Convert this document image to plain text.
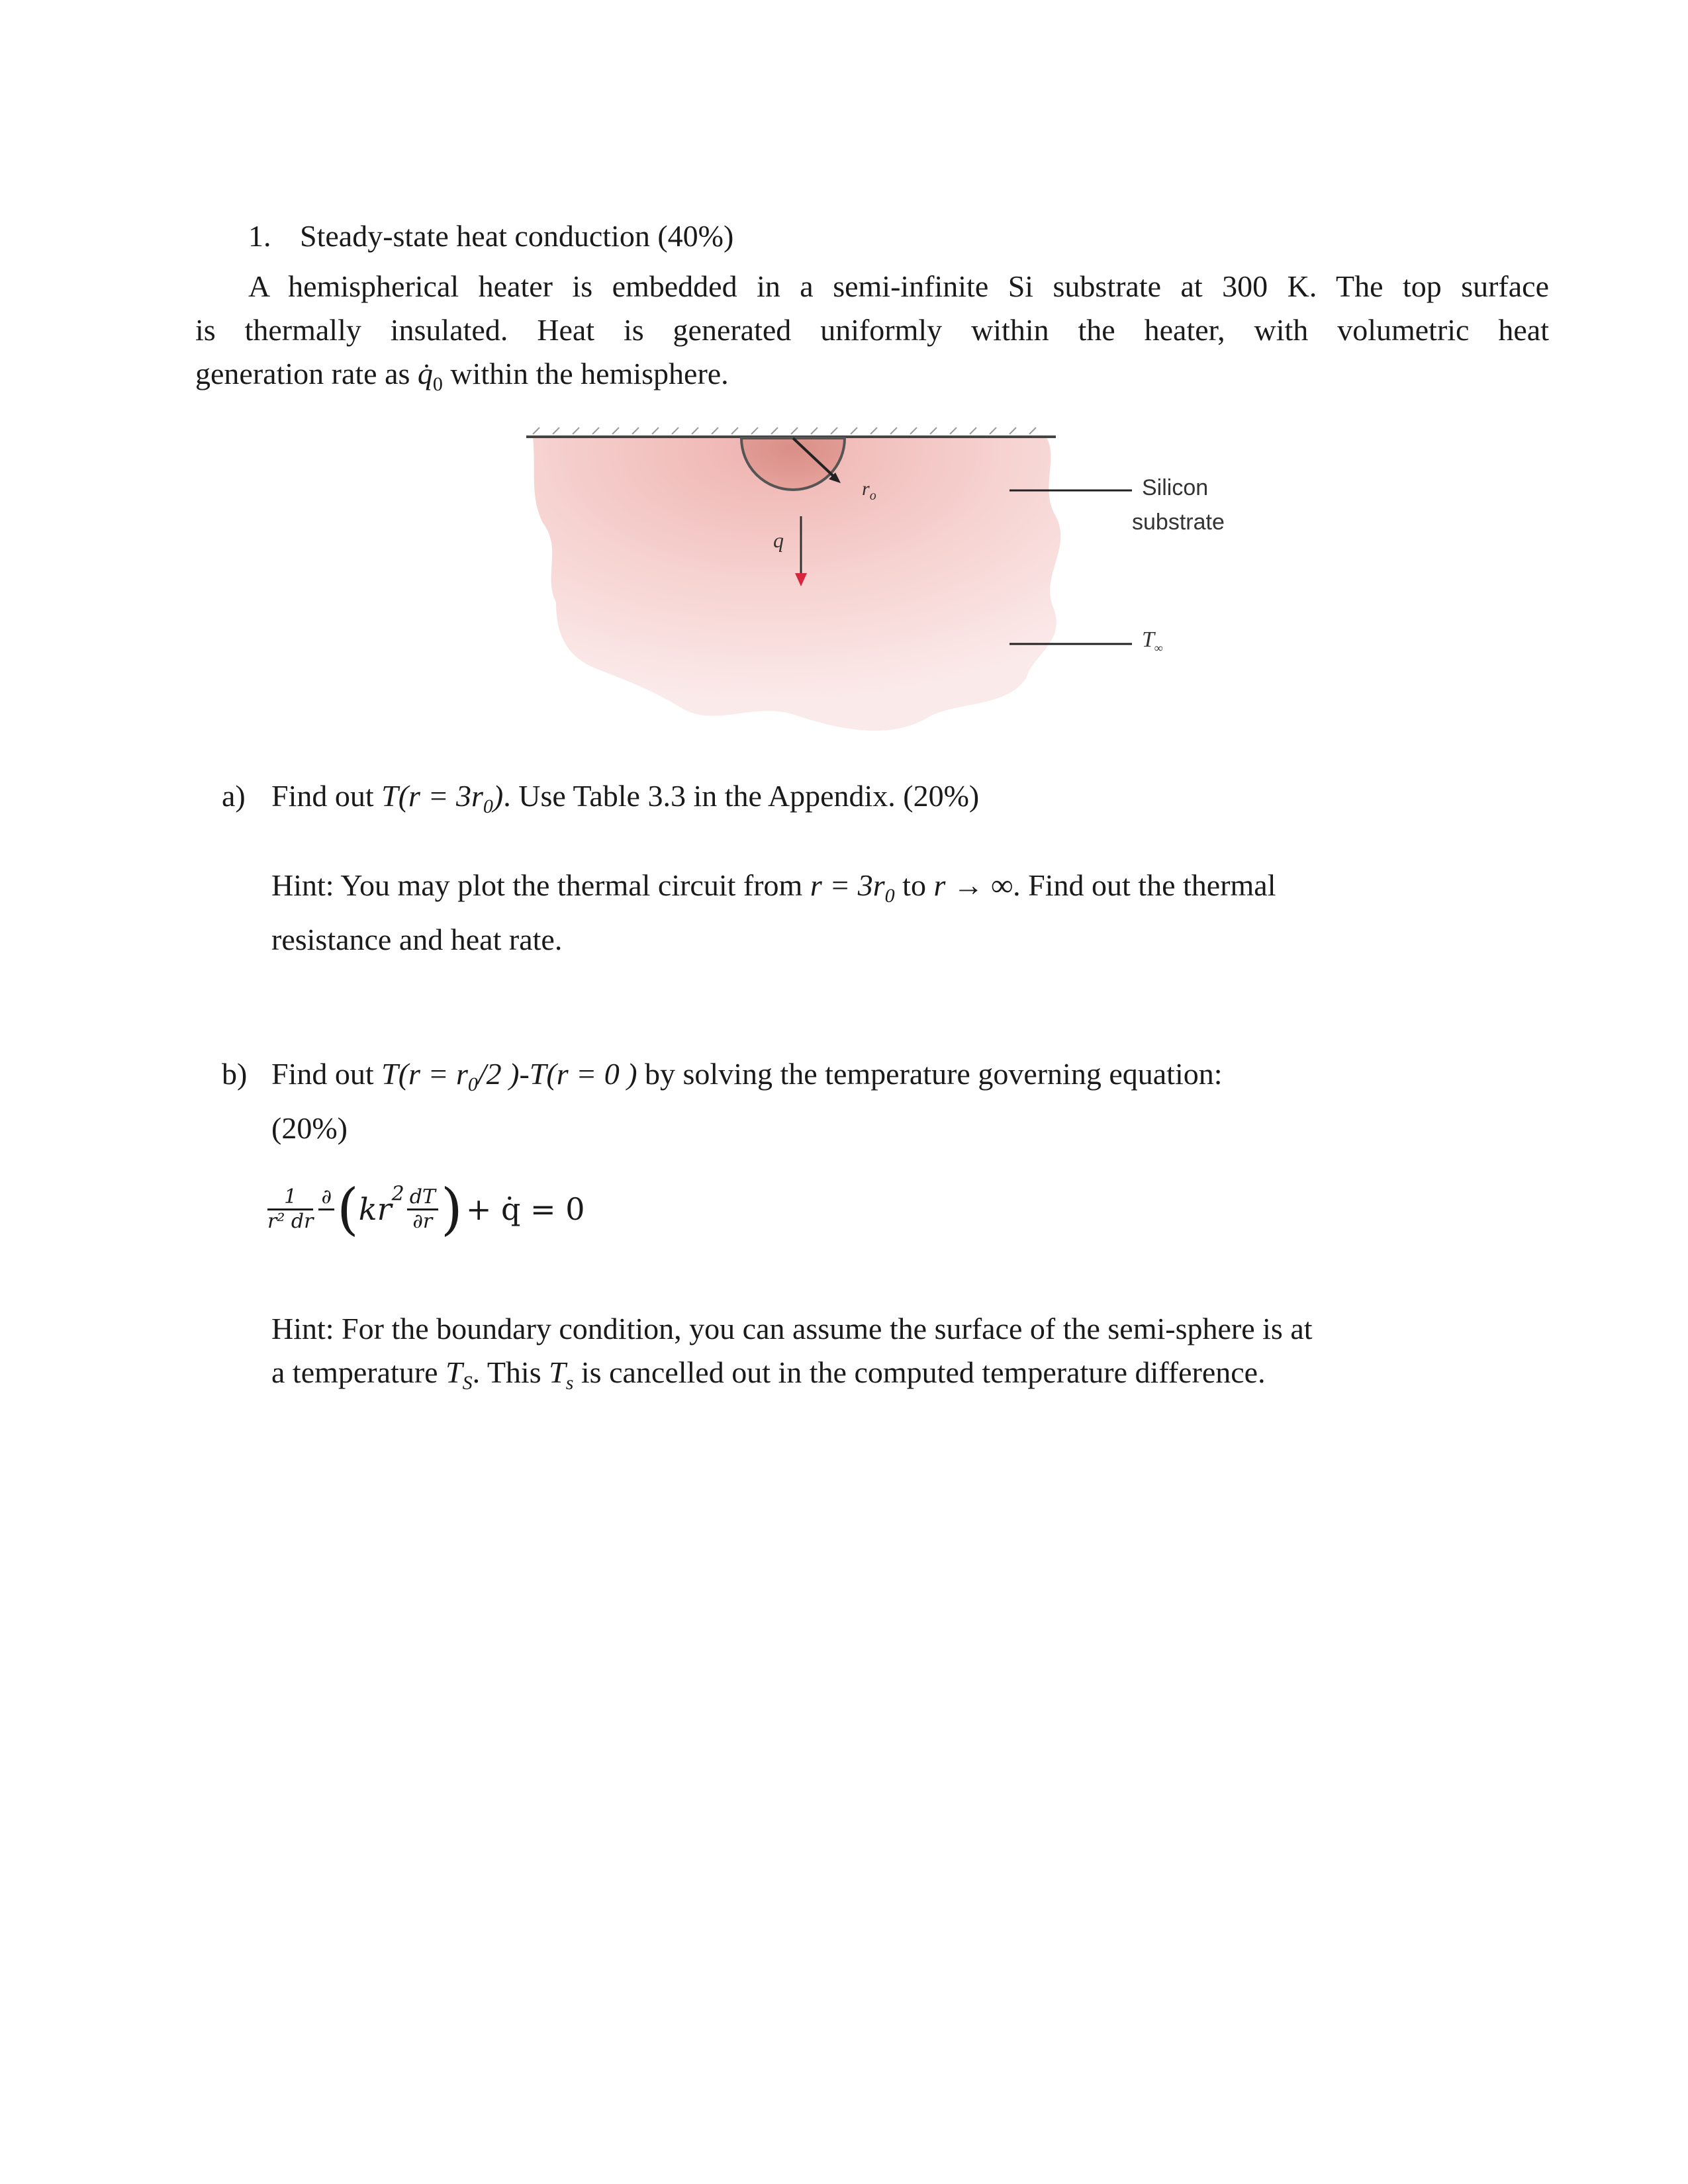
1. Steady-state heat conduction (40%)
A hemispherical heater is embedded in a semi-infinite Si substrate at 300 K. The top surface
is thermally insulated. Heat is generated uniformly within the heater, with volumetric heat
generation rate as $q̇_0$ within the hemisphere.
$r_o$
q
Silicon
substrate
$T_\infty$
a) Find out $T(r = 3r_0)$. Use Table 3.3 in the Appendix. (20%)
Hint: You may plot the thermal circuit from $r = 3r_0$ to r → ∞. Find out the thermal
resistance and heat rate.
b) Find out $T(r = r_0/2$ )-T(r = 0 ) by solving the temperature governing equation:
(20%)
$\frac{1}{\text{r² dr}}$ ∂ ($kr2 \frac{dT}{\partial r}$ ) + q̇ = 0
Hint: For the boundary condition, you can assume the surface of the semi-sphere is at
a temperature $T_S$. This $T_s$ is cancelled out in the computed temperature difference.
